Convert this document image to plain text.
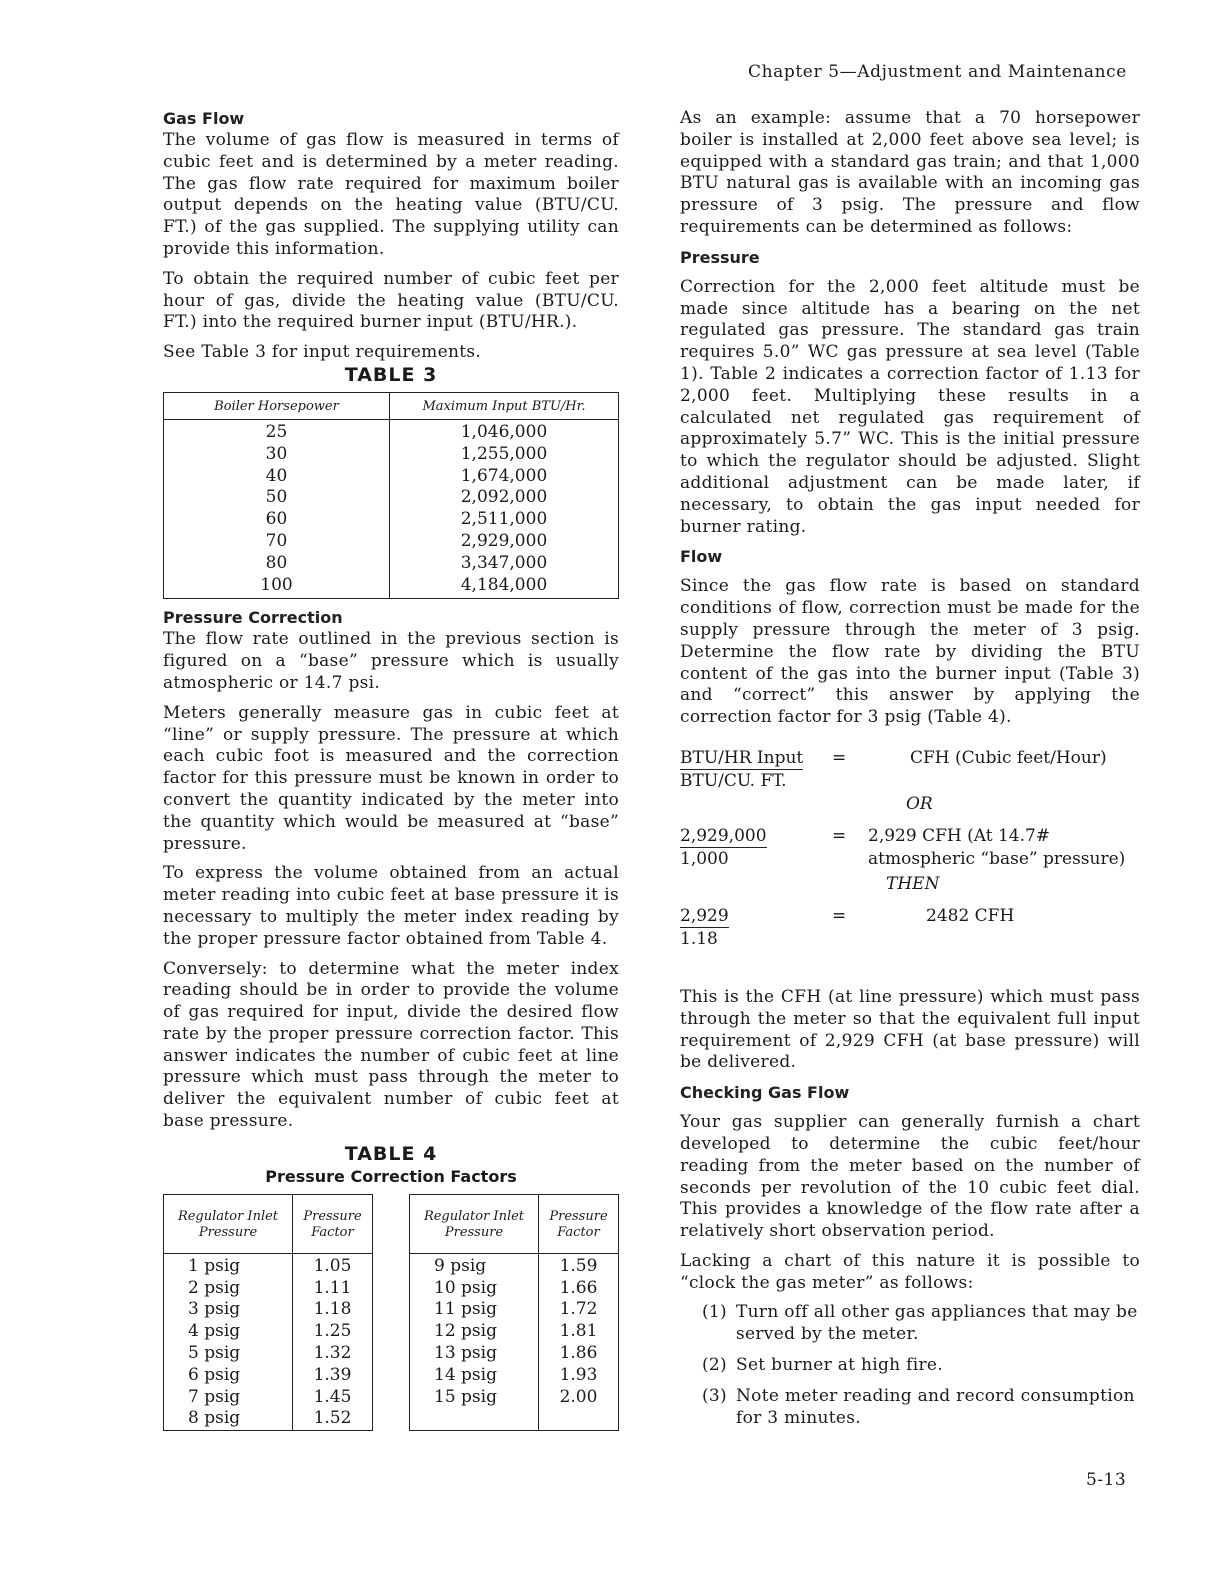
Chapter 5—Adjustment and Maintenance
Gas Flow

The volume of gas flow is measured in terms of cubic feet and is determined by a meter reading. The gas flow rate required for maximum boiler output depends on the heating value (BTU/CU. FT.) of the gas supplied. The supplying utility can provide this information.

To obtain the required number of cubic feet per hour of gas, divide the heating value (BTU/CU. FT.) into the required burner input (BTU/HR.).

See Table 3 for input requirements.

TABLE 3
Boiler Horsepower	Maximum Input BTU/Hr.
25	1,046,000
30	1,255,000
40	1,674,000
50	2,092,000
60	2,511,000
70	2,929,000
80	3,347,000
100	4,184,000
Pressure Correction

The flow rate outlined in the previous section is figured on a “base” pressure which is usually atmospheric or 14.7 psi.

Meters generally measure gas in cubic feet at “line” or supply pressure. The pressure at which each cubic foot is measured and the correction factor for this pressure must be known in order to convert the quantity indicated by the meter into the quantity which would be measured at “base” pressure.

To express the volume obtained from an actual meter reading into cubic feet at base pressure it is necessary to multiply the meter index reading by the proper pressure factor obtained from Table 4.

Conversely: to determine what the meter index reading should be in order to provide the volume of gas required for input, divide the desired flow rate by the proper pressure correction factor. This answer indicates the number of cubic feet at line pressure which must pass through the meter to deliver the equivalent number of cubic feet at base pressure.

TABLE 4
Pressure Correction Factors
Regulator Inlet Pressure	Pressure Factor
1 psig	1.05
2 psig	1.11
3 psig	1.18
4 psig	1.25
5 psig	1.32
6 psig	1.39
7 psig	1.45
8 psig	1.52
Regulator Inlet Pressure	Pressure Factor
9 psig	1.59
10 psig	1.66
11 psig	1.72
12 psig	1.81
13 psig	1.86
14 psig	1.93
15 psig	2.00

As an example: assume that a 70 horsepower boiler is installed at 2,000 feet above sea level; is equipped with a standard gas train; and that 1,000 BTU natural gas is available with an incoming gas pressure of 3 psig. The pressure and flow requirements can be determined as follows:

Pressure

Correction for the 2,000 feet altitude must be made since altitude has a bearing on the net regulated gas pressure. The standard gas train requires 5.0” WC gas pressure at sea level (Table 1). Table 2 indicates a correction factor of 1.13 for 2,000 feet. Multiplying these results in a calculated net regulated gas requirement of approximately 5.7” WC. This is the initial pressure to which the regulator should be adjusted. Slight additional adjustment can be made later, if necessary, to obtain the gas input needed for burner rating.

Flow

Since the gas flow rate is based on standard conditions of flow, correction must be made for the supply pressure through the meter of 3 psig. Determine the flow rate by dividing the BTU content of the gas into the burner input (Table 3) and “correct” this answer by applying the correction factor for 3 psig (Table 4).

BTU/HR Input
BTU/CU. FT.
=	CFH (Cubic feet/Hour)

OR

2,929,000
1,000
= 2,929 CFH (At 14.7#
atmospheric “base” pressure)

THEN

2,929
1.18
=	2482 CFH

This is the CFH (at line pressure) which must pass through the meter so that the equivalent full input requirement of 2,929 CFH (at base pressure) will be delivered.

Checking Gas Flow

Your gas supplier can generally furnish a chart developed to determine the cubic feet/hour reading from the meter based on the number of seconds per revolution of the 10 cubic feet dial. This provides a knowledge of the flow rate after a relatively short observation period.

Lacking a chart of this nature it is possible to “clock the gas meter” as follows:

(1) Turn off all other gas appliances that may be served by the meter.
(2) Set burner at high fire.
(3) Note meter reading and record consumption for 3 minutes.
5-13
